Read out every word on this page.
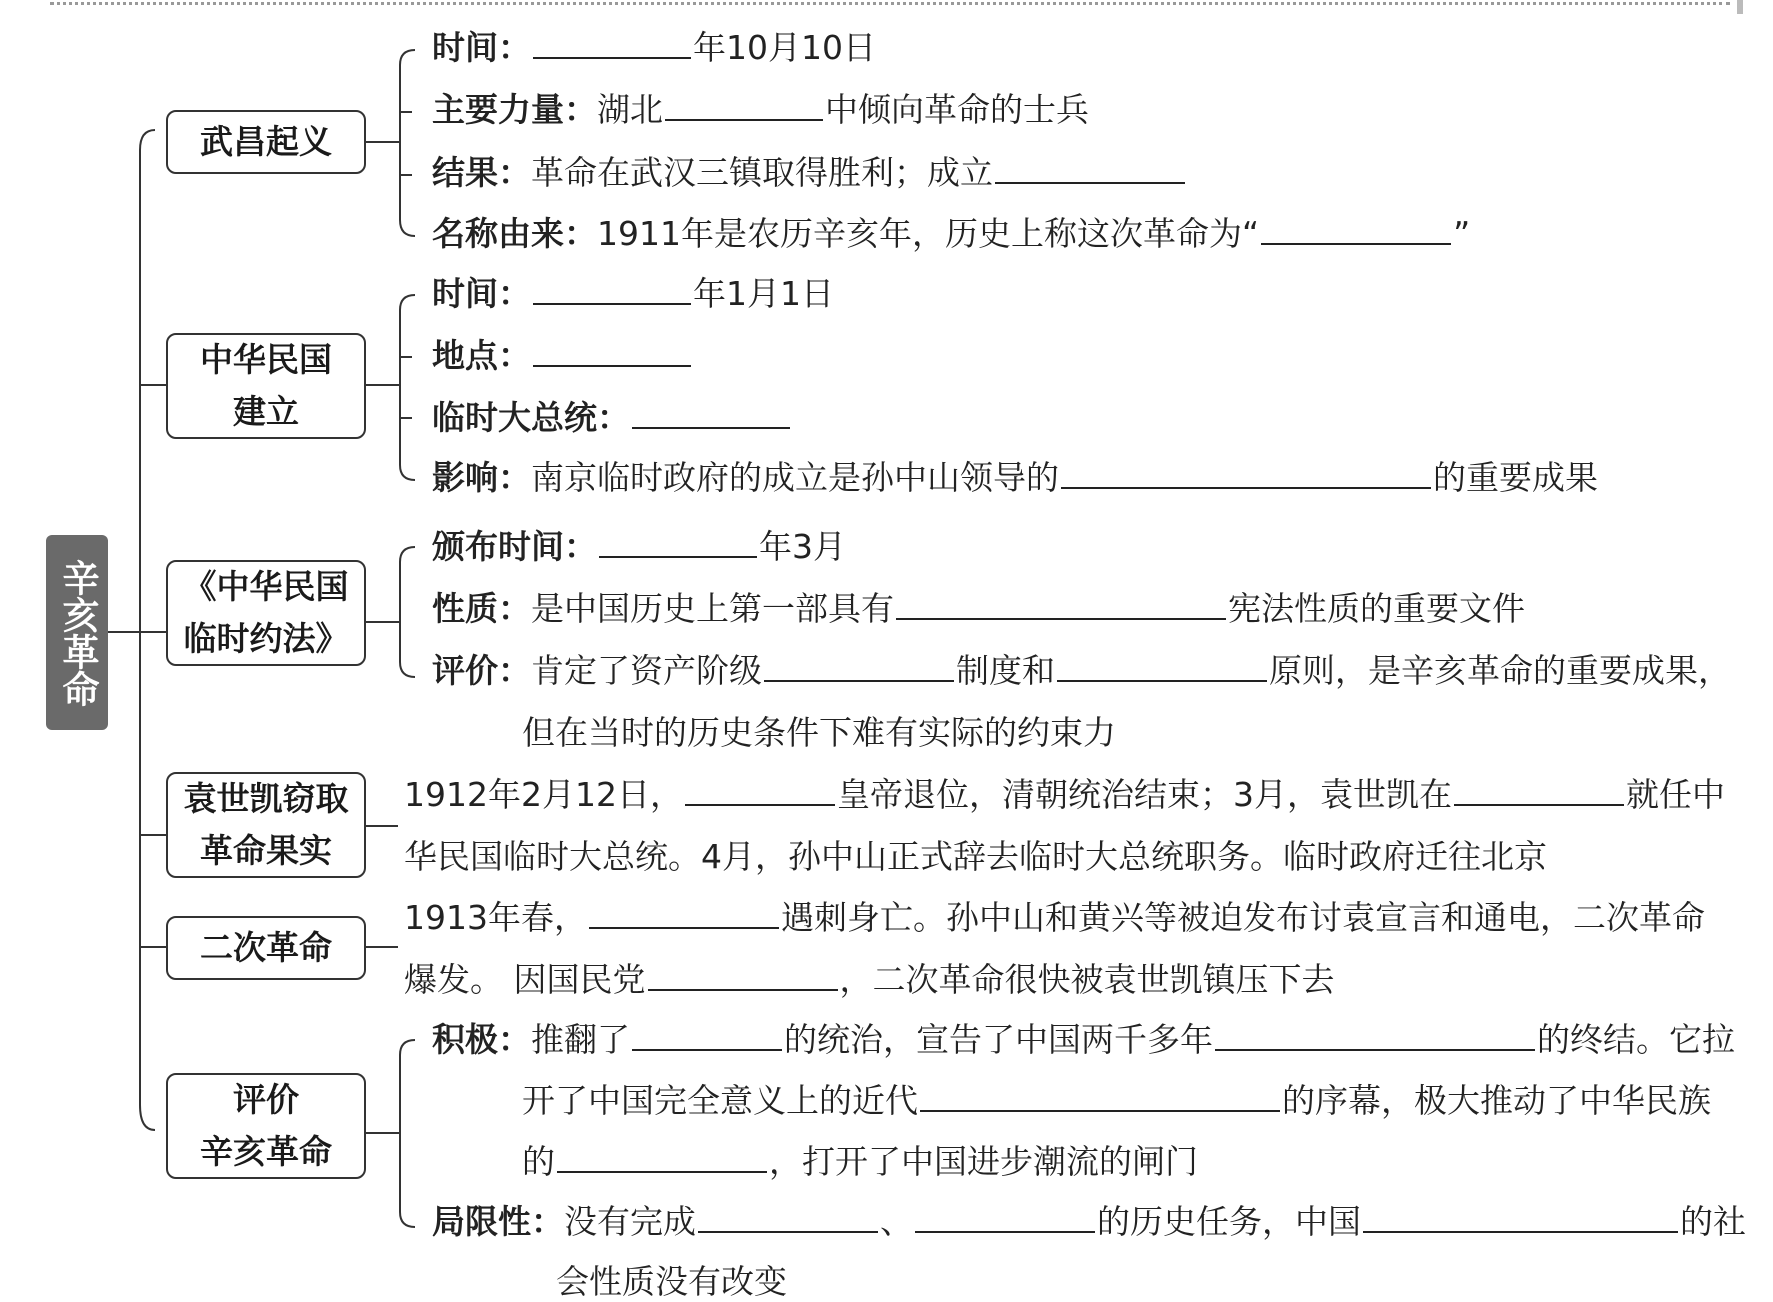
辛亥革命
武昌起义
时间：	年10月10日
主要力量：湖北	中倾向革命的士兵
结果：革命在武汉三镇取得胜利；成立
名称由来：1911年是农历辛亥年，历史上称这次革命为“	”
中华民国
建立
时间：	年1月1日
地点：
临时大总统：
影响：南京临时政府的成立是孙中山领导的	的重要成果
《中华民国
临时约法》
颁布时间：	年3月
性质：是中国历史上第一部具有	宪法性质的重要文件
评价：肯定了资产阶级	制度和	原则，是辛亥革命的重要成果，
但在当时的历史条件下难有实际的约束力
袁世凯窃取
革命果实
1912年2月12日，	皇帝退位，清朝统治结束；3月，袁世凯在	就任中
华民国临时大总统。4月，孙中山正式辞去临时大总统职务。临时政府迁往北京
二次革命
1913年春，	遇刺身亡。孙中山和黄兴等被迫发布讨袁宣言和通电，二次革命
爆发。 因国民党	，二次革命很快被袁世凯镇压下去
评价
辛亥革命
积极：推翻了	的统治，宣告了中国两千多年	的终结。它拉
开了中国完全意义上的近代	的序幕，极大推动了中华民族
的	，打开了中国进步潮流的闸门
局限性：没有完成	、	的历史任务，中国	的社
会性质没有改变
